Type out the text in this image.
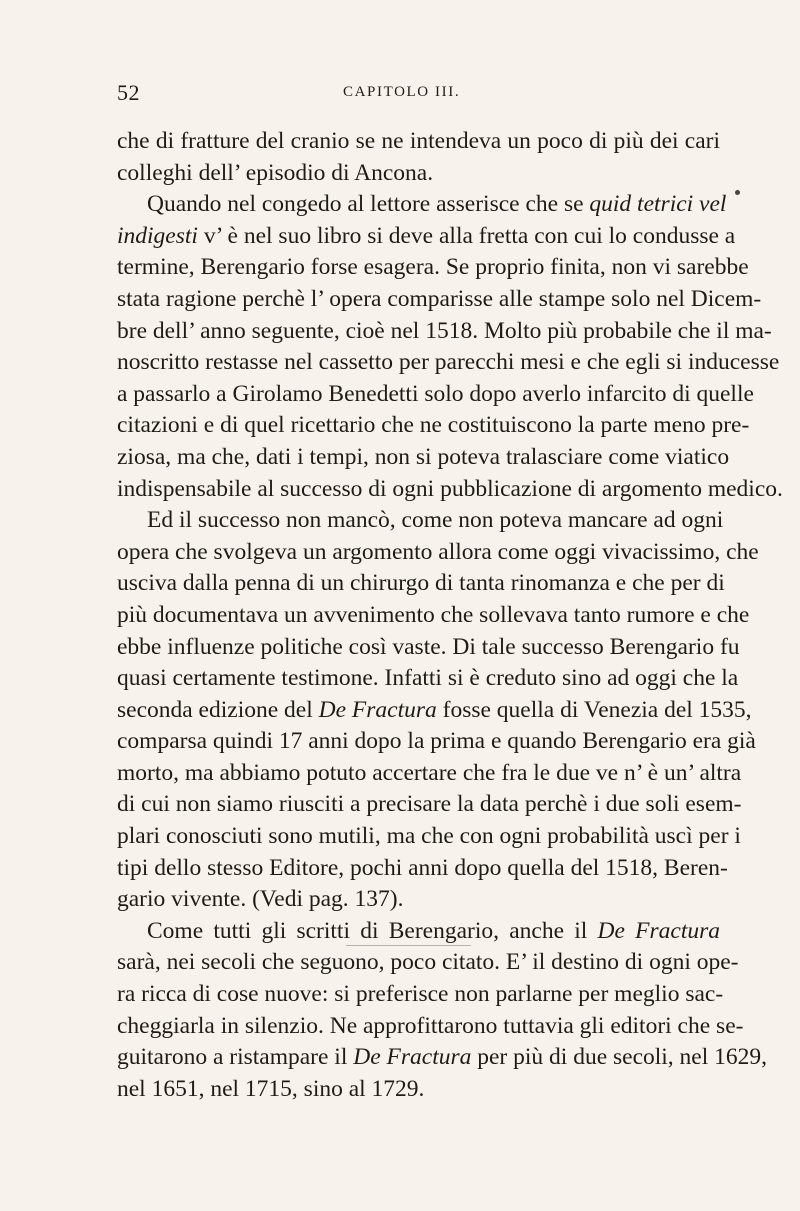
52	CAPITOLO III.
che di fratture del cranio se ne intendeva un poco di più dei cari
colleghi dell’ episodio di Ancona.
Quando nel congedo al lettore asserisce che se quid tetrici vel
indigesti v’ è nel suo libro si deve alla fretta con cui lo condusse a
termine, Berengario forse esagera. Se proprio finita, non vi sarebbe
stata ragione perchè l’ opera comparisse alle stampe solo nel Dicem-
bre dell’ anno seguente, cioè nel 1518. Molto più probabile che il ma-
noscritto restasse nel cassetto per parecchi mesi e che egli si inducesse
a passarlo a Girolamo Benedetti solo dopo averlo infarcito di quelle
citazioni e di quel ricettario che ne costituiscono la parte meno pre-
ziosa, ma che, dati i tempi, non si poteva tralasciare come viatico
indispensabile al successo di ogni pubblicazione di argomento medico.
Ed il successo non mancò, come non poteva mancare ad ogni
opera che svolgeva un argomento allora come oggi vivacissimo, che
usciva dalla penna di un chirurgo di tanta rinomanza e che per di
più documentava un avvenimento che sollevava tanto rumore e che
ebbe influenze politiche così vaste. Di tale successo Berengario fu
quasi certamente testimone. Infatti si è creduto sino ad oggi che la
seconda edizione del De Fractura fosse quella di Venezia del 1535,
comparsa quindi 17 anni dopo la prima e quando Berengario era già
morto, ma abbiamo potuto accertare che fra le due ve n’ è un’ altra
di cui non siamo riusciti a precisare la data perchè i due soli esem-
plari conosciuti sono mutili, ma che con ogni probabilità uscì per i
tipi dello stesso Editore, pochi anni dopo quella del 1518, Beren-
gario vivente. (Vedi pag. 137).
Come tutti gli scritti di Berengario, anche il De Fractura
sarà, nei secoli che seguono, poco citato. E’ il destino di ogni ope-
ra ricca di cose nuove: si preferisce non parlarne per meglio sac-
cheggiarla in silenzio. Ne approfittarono tuttavia gli editori che se-
guitarono a ristampare il De Fractura per più di due secoli, nel 1629,
nel 1651, nel 1715, sino al 1729.
